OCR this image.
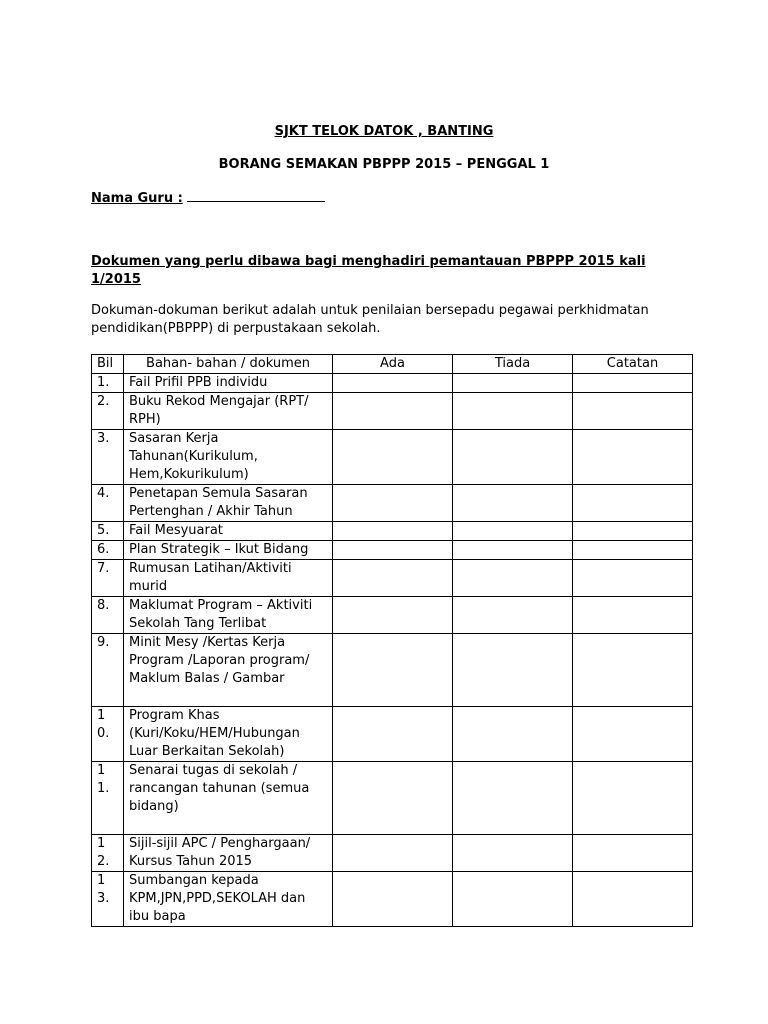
SJKT TELOK DATOK , BANTING
BORANG SEMAKAN PBPPP 2015 – PENGGAL 1
Nama Guru :
Dokumen yang perlu dibawa bagi menghadiri pemantauan PBPPP 2015 kali 1/2015
Dokuman-dokuman berikut adalah untuk penilaian bersepadu pegawai perkhidmatan pendidikan(PBPPP) di perpustakaan sekolah.
Bil	Bahan- bahan / dokumen	Ada	Tiada	Catatan
1.	Fail Prifil PPB individu			
2.	Buku Rekod Mengajar (RPT/ RPH)			
3.	Sasaran Kerja Tahunan(Kurikulum, Hem,Kokurikulum)			
4.	Penetapan Semula Sasaran Pertenghan / Akhir Tahun			
5.	Fail Mesyuarat			
6.	Plan Strategik – Ikut Bidang			
7.	Rumusan Latihan/Aktiviti murid			
8.	Maklumat Program – Aktiviti Sekolah Tang Terlibat			
9.	Minit Mesy /Kertas Kerja Program /Laporan program/ Maklum Balas / Gambar			
1 0.	Program Khas (Kuri/Koku/HEM/Hubungan Luar Berkaitan Sekolah)			
1 1.	Senarai tugas di sekolah / rancangan tahunan (semua bidang)			
1 2.	Sijil-sijil APC / Penghargaan/ Kursus Tahun 2015			
1 3.	Sumbangan kepada KPM,JPN,PPD,SEKOLAH dan ibu bapa			
